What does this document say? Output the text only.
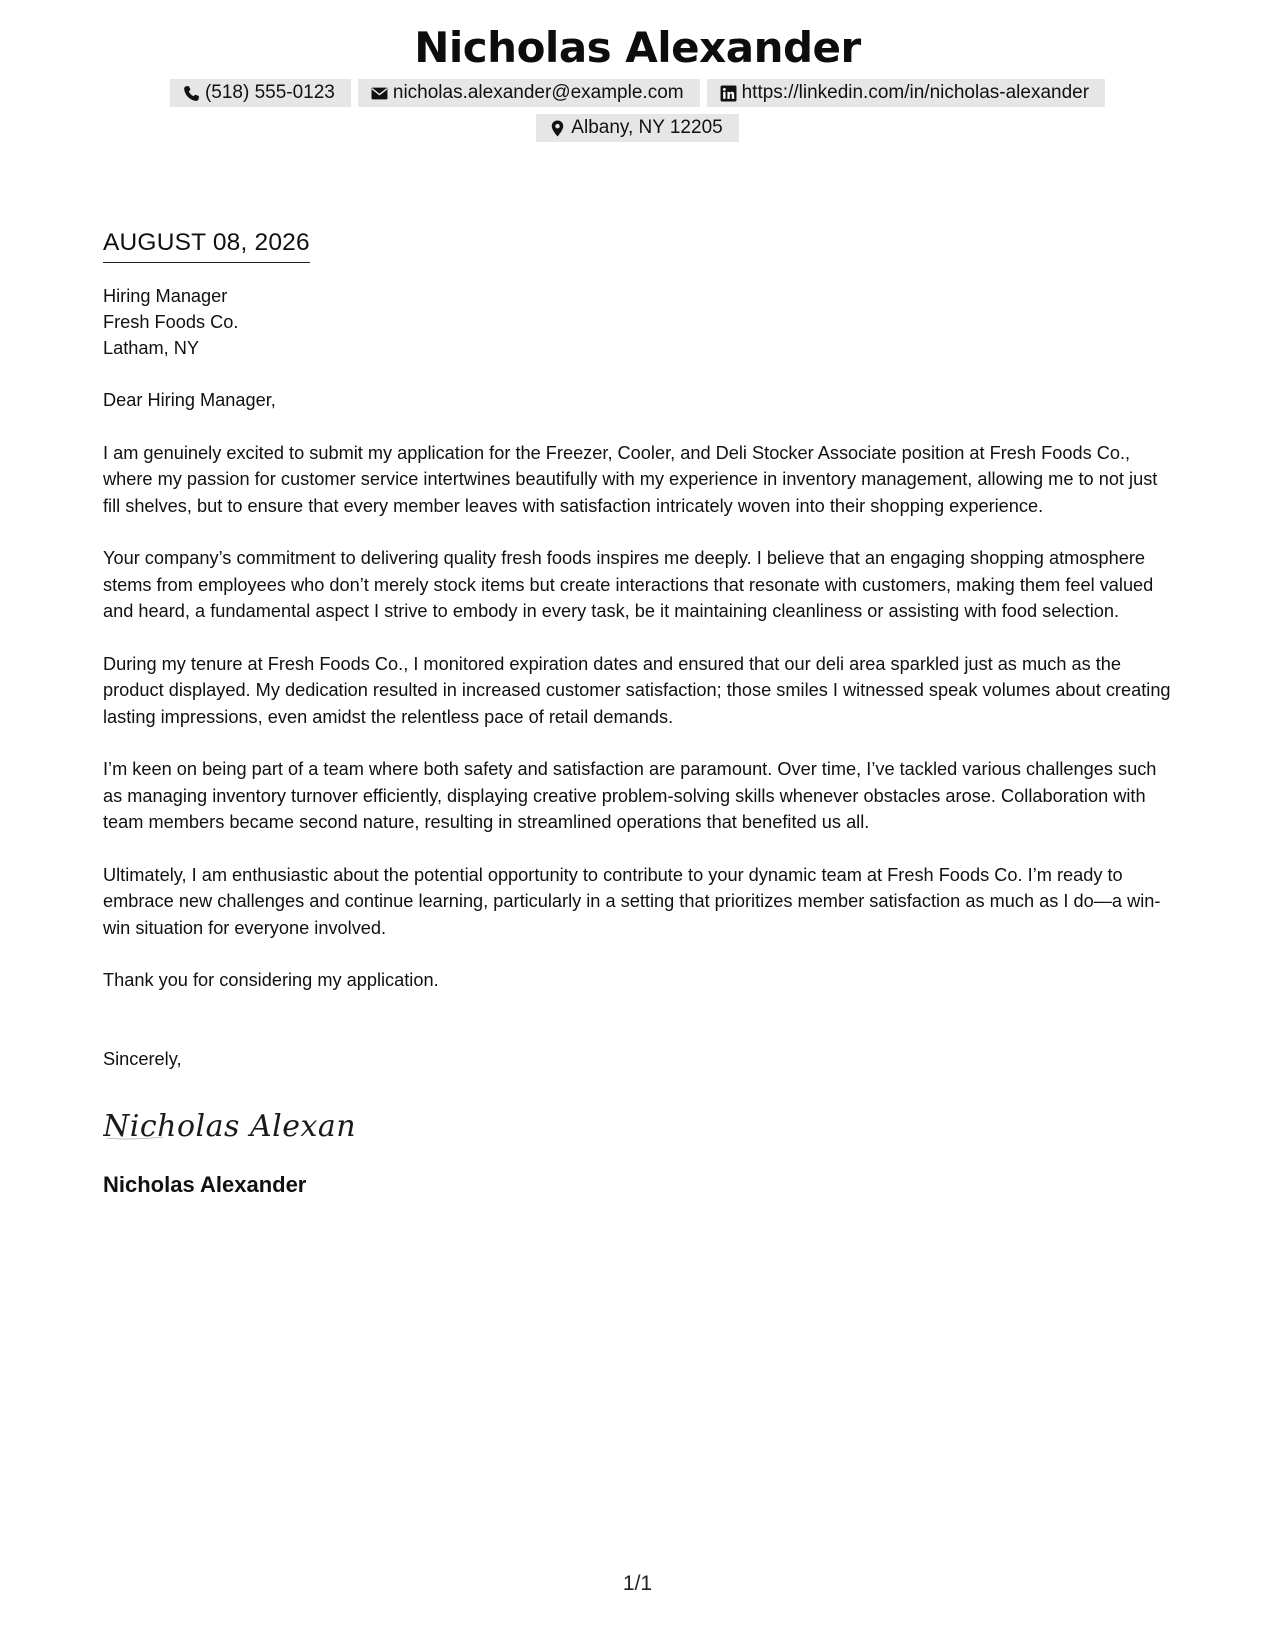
Nicholas Alexander
(518) 555-0123	nicholas.alexander@example.com	https://linkedin.com/in/nicholas-alexander
Albany, NY 12205
AUGUST 08, 2026
Hiring Manager
Fresh Foods Co.
Latham, NY
Dear Hiring Manager,

I am genuinely excited to submit my application for the Freezer, Cooler, and Deli Stocker Associate position at Fresh Foods Co., where my passion for customer service intertwines beautifully with my experience in inventory management, allowing me to not just fill shelves, but to ensure that every member leaves with satisfaction intricately woven into their shopping experience.

Your company’s commitment to delivering quality fresh foods inspires me deeply. I believe that an engaging shopping atmosphere stems from employees who don’t merely stock items but create interactions that resonate with customers, making them feel valued and heard, a fundamental aspect I strive to embody in every task, be it maintaining cleanliness or assisting with food selection.

During my tenure at Fresh Foods Co., I monitored expiration dates and ensured that our deli area sparkled just as much as the product displayed. My dedication resulted in increased customer satisfaction; those smiles I witnessed speak volumes about creating lasting impressions, even amidst the relentless pace of retail demands.

I’m keen on being part of a team where both safety and satisfaction are paramount. Over time, I’ve tackled various challenges such as managing inventory turnover efficiently, displaying creative problem-solving skills whenever obstacles arose. Collaboration with team members became second nature, resulting in streamlined operations that benefited us all.

Ultimately, I am enthusiastic about the potential opportunity to contribute to your dynamic team at Fresh Foods Co. I’m ready to embrace new challenges and continue learning, particularly in a setting that prioritizes member satisfaction as much as I do—a win-win situation for everyone involved.

Thank you for considering my application.

Sincerely,
Nicholas Alexan
Nicholas Alexander
1/1
